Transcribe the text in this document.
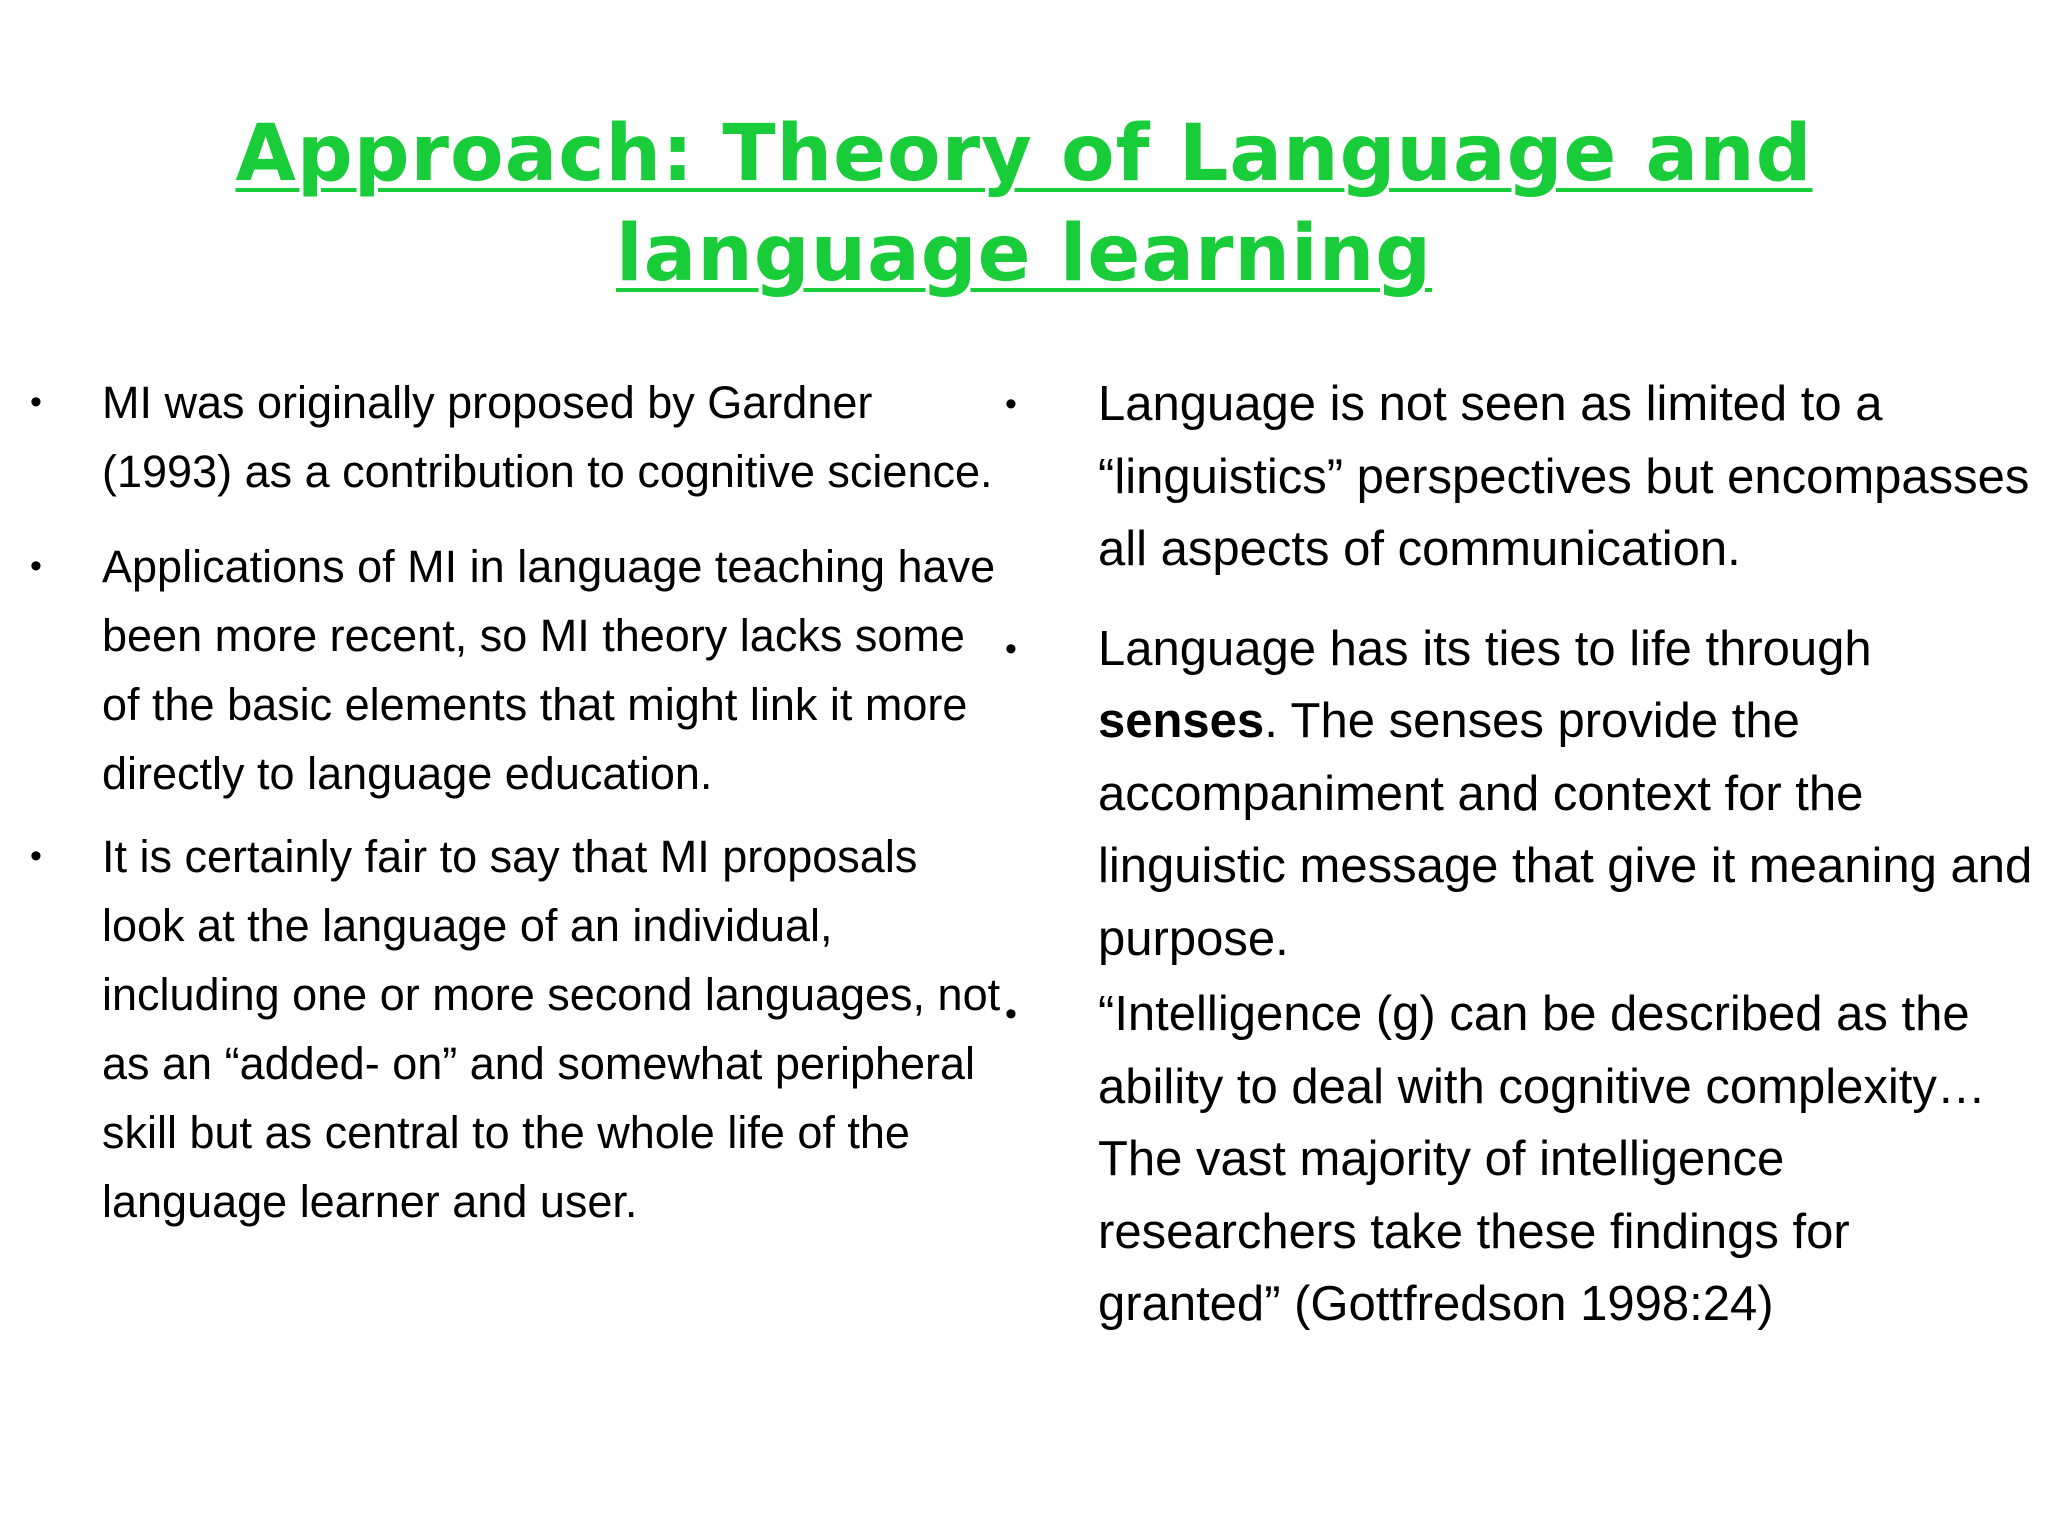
Approach: Theory of Language and language learning
• MI was originally proposed by Gardner (1993) as a contribution to cognitive science.
• Applications of MI in language teaching have been more recent, so MI theory lacks some of the basic elements that might link it more directly to language education.
• It is certainly fair to say that MI proposals look at the language of an individual, including one or more second languages, not as an “added- on” and somewhat peripheral skill but as central to the whole life of the language learner and user.
• Language is not seen as limited to a “linguistics” perspectives but encompasses all aspects of communication.
• Language has its ties to life through senses. The senses provide the accompaniment and context for the linguistic message that give it meaning and purpose.
• “Intelligence (g) can be described as the ability to deal with cognitive complexity… The vast majority of intelligence researchers take these findings for granted” (Gottfredson 1998:24)
